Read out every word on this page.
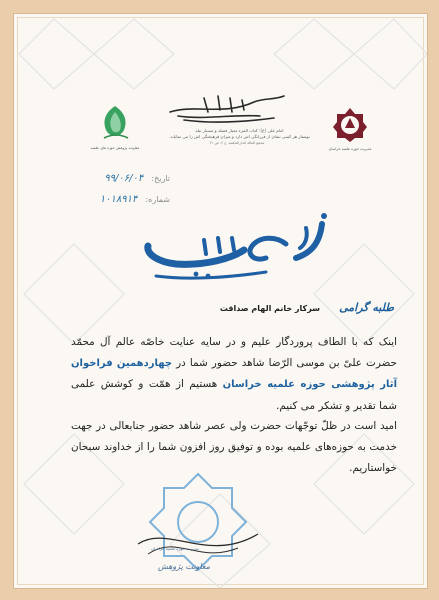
امام علی (ع): کتاب المرء معیار فضله و مسبار نبله
نوشتار هر کسی نشان از فرزانگی اش دارد و میزان فرهیختگی اش را می نمایاند.
مجمع الغالة الدارالحكمة، ج ۲، ص ۲۱
معاونت پژوهش حوزه های علمیه	مدیریت حوزه علمیه خراسان
تاریخ: ۹۹/۰۶/۰۴
شماره: ۱۰۱۸۹۱۴
طلبه گرامی سرکار خانم الهام صداقت
اینک که با الطاف پروردگار علیم و در سایه عنایت خاصّه عالم آل محمّد حضرت علیّ بن موسی الرّضا شاهد حضور شما در چهاردهمین فراخوان آثار پژوهشی حوزه علمیه خراسان هستیم از همّت و کوشش علمی شما تقدیر و تشکر می کنیم.
امید است در ظلّ توجّهات حضرت ولی عصر شاهد حضور جنابعالی در جهت خدمت به حوزه‌های علمیه بوده و توفیق روز افزون شما را از خداوند سبحان خواستاریم.
مدیریت حوزه علمیه خراسان
معاونت پژوهش
